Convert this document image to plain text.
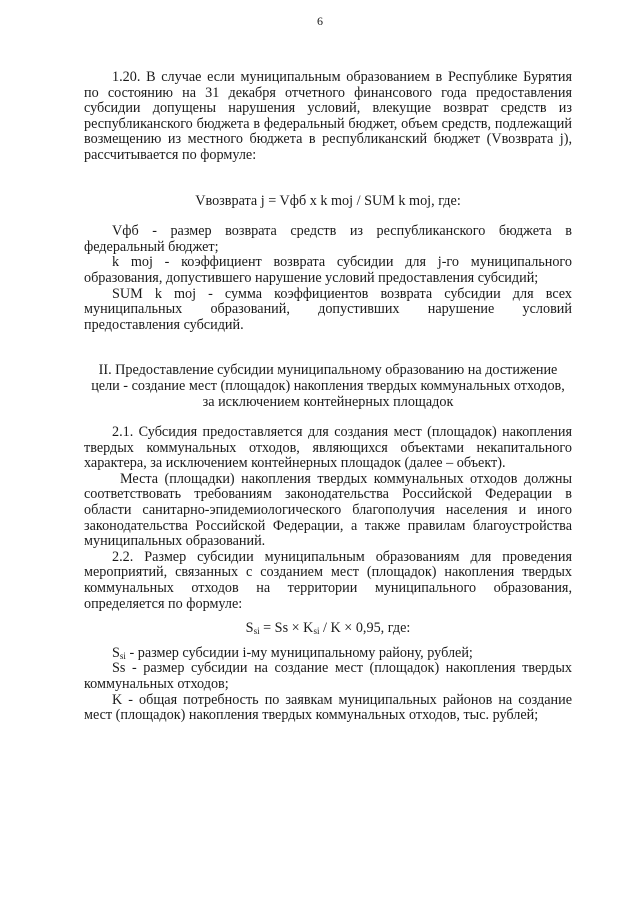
6

1.20. В случае если муниципальным образованием в Республике Бурятия по состоянию на 31 декабря отчетного финансового года предоставления субсидии допущены нарушения условий, влекущие возврат средств из республиканского бюджета в федеральный бюджет, объем средств, подлежащий возмещению из местного бюджета в республиканский бюджет (Vвозврата j), рассчитывается по формуле:

Vвозврата j = Vфб x k moj / SUM k moj, где:

Vфб - размер возврата средств из республиканского бюджета в федеральный бюджет;

k moj - коэффициент возврата субсидии для j-го муниципального образования, допустившего нарушение условий предоставления субсидий;

SUM k moj - сумма коэффициентов возврата субсидии для всех муниципальных образований, допустивших нарушение условий предоставления субсидий.

II. Предоставление субсидии муниципальному образованию на достижение цели - создание мест (площадок) накопления твердых коммунальных отходов, за исключением контейнерных площадок

2.1. Субсидия предоставляется для создания мест (площадок) накопления твердых коммунальных отходов, являющихся объектами некапитального характера, за исключением контейнерных площадок (далее – объект).

Места (площадки) накопления твердых коммунальных отходов должны соответствовать требованиям законодательства Российской Федерации в области санитарно-эпидемиологического благополучия населения и иного законодательства Российской Федерации, а также правилам благоустройства муниципальных образований.

2.2. Размер субсидии муниципальным образованиям для проведения мероприятий, связанных с созданием мест (площадок) накопления твердых коммунальных отходов на территории муниципального образования, определяется по формуле:

$S_{si} = Ss \times K_{si} / K \times 0,95$, где:

$S_{si}$ - размер субсидии i-му муниципальному району, рублей;

Ss - размер субсидии на создание мест (площадок) накопления твердых коммунальных отходов;

K - общая потребность по заявкам муниципальных районов на создание мест (площадок) накопления твердых коммунальных отходов, тыс. рублей;
